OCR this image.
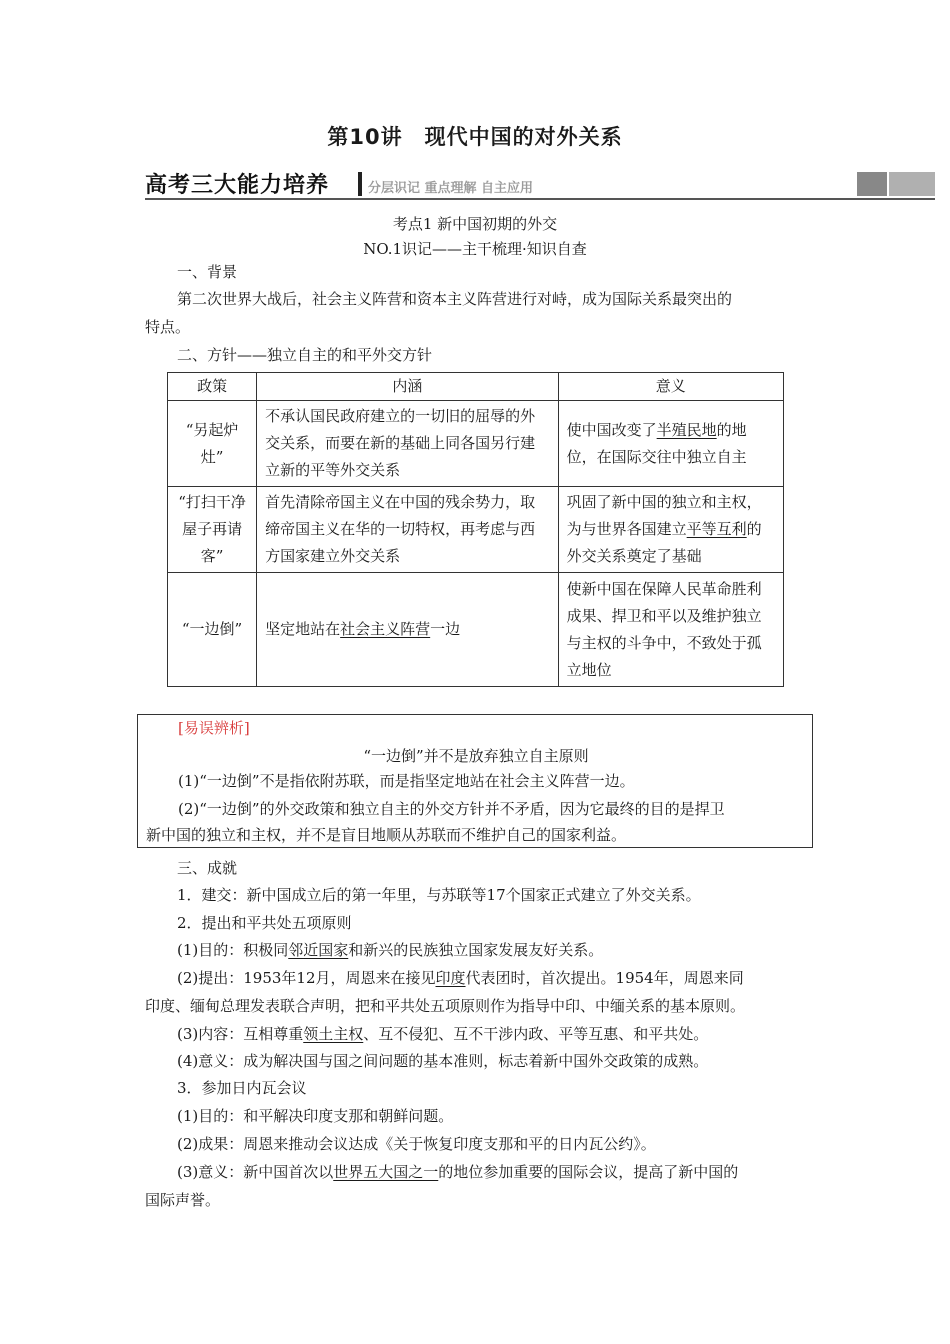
第10讲　现代中国的对外关系
高考三大能力培养	分层识记 重点理解 自主应用
考点1 新中国初期的外交
NO.1识记——主干梳理·知识自查
一、背景
第二次世界大战后，社会主义阵营和资本主义阵营进行对峙，成为国际关系最突出的
特点。
二、方针——独立自主的和平外交方针
政策	内涵	意义
“另起炉灶”	不承认国民政府建立的一切旧的屈辱的外交关系，而要在新的基础上同各国另行建立新的平等外交关系	使中国改变了半殖民地的地位，在国际交往中独立自主
“打扫干净屋子再请客”	首先清除帝国主义在中国的残余势力，取缔帝国主义在华的一切特权，再考虑与西方国家建立外交关系	巩固了新中国的独立和主权，为与世界各国建立平等互利的外交关系奠定了基础
“一边倒”	坚定地站在社会主义阵营一边	使新中国在保障人民革命胜利成果、捍卫和平以及维护独立与主权的斗争中，不致处于孤立地位
[易误辨析]
“一边倒”并不是放弃独立自主原则
(1)“一边倒”不是指依附苏联，而是指坚定地站在社会主义阵营一边。
(2)“一边倒”的外交政策和独立自主的外交方针并不矛盾，因为它最终的目的是捍卫
新中国的独立和主权，并不是盲目地顺从苏联而不维护自己的国家利益。
三、成就
1．建交：新中国成立后的第一年里，与苏联等17个国家正式建立了外交关系。
2．提出和平共处五项原则
(1)目的：积极同邻近国家和新兴的民族独立国家发展友好关系。
(2)提出：1953年12月，周恩来在接见印度代表团时，首次提出。1954年，周恩来同
印度、缅甸总理发表联合声明，把和平共处五项原则作为指导中印、中缅关系的基本原则。
(3)内容：互相尊重领土主权、互不侵犯、互不干涉内政、平等互惠、和平共处。
(4)意义：成为解决国与国之间问题的基本准则，标志着新中国外交政策的成熟。
3．参加日内瓦会议
(1)目的：和平解决印度支那和朝鲜问题。
(2)成果：周恩来推动会议达成《关于恢复印度支那和平的日内瓦公约》。
(3)意义：新中国首次以世界五大国之一的地位参加重要的国际会议，提高了新中国的
国际声誉。
